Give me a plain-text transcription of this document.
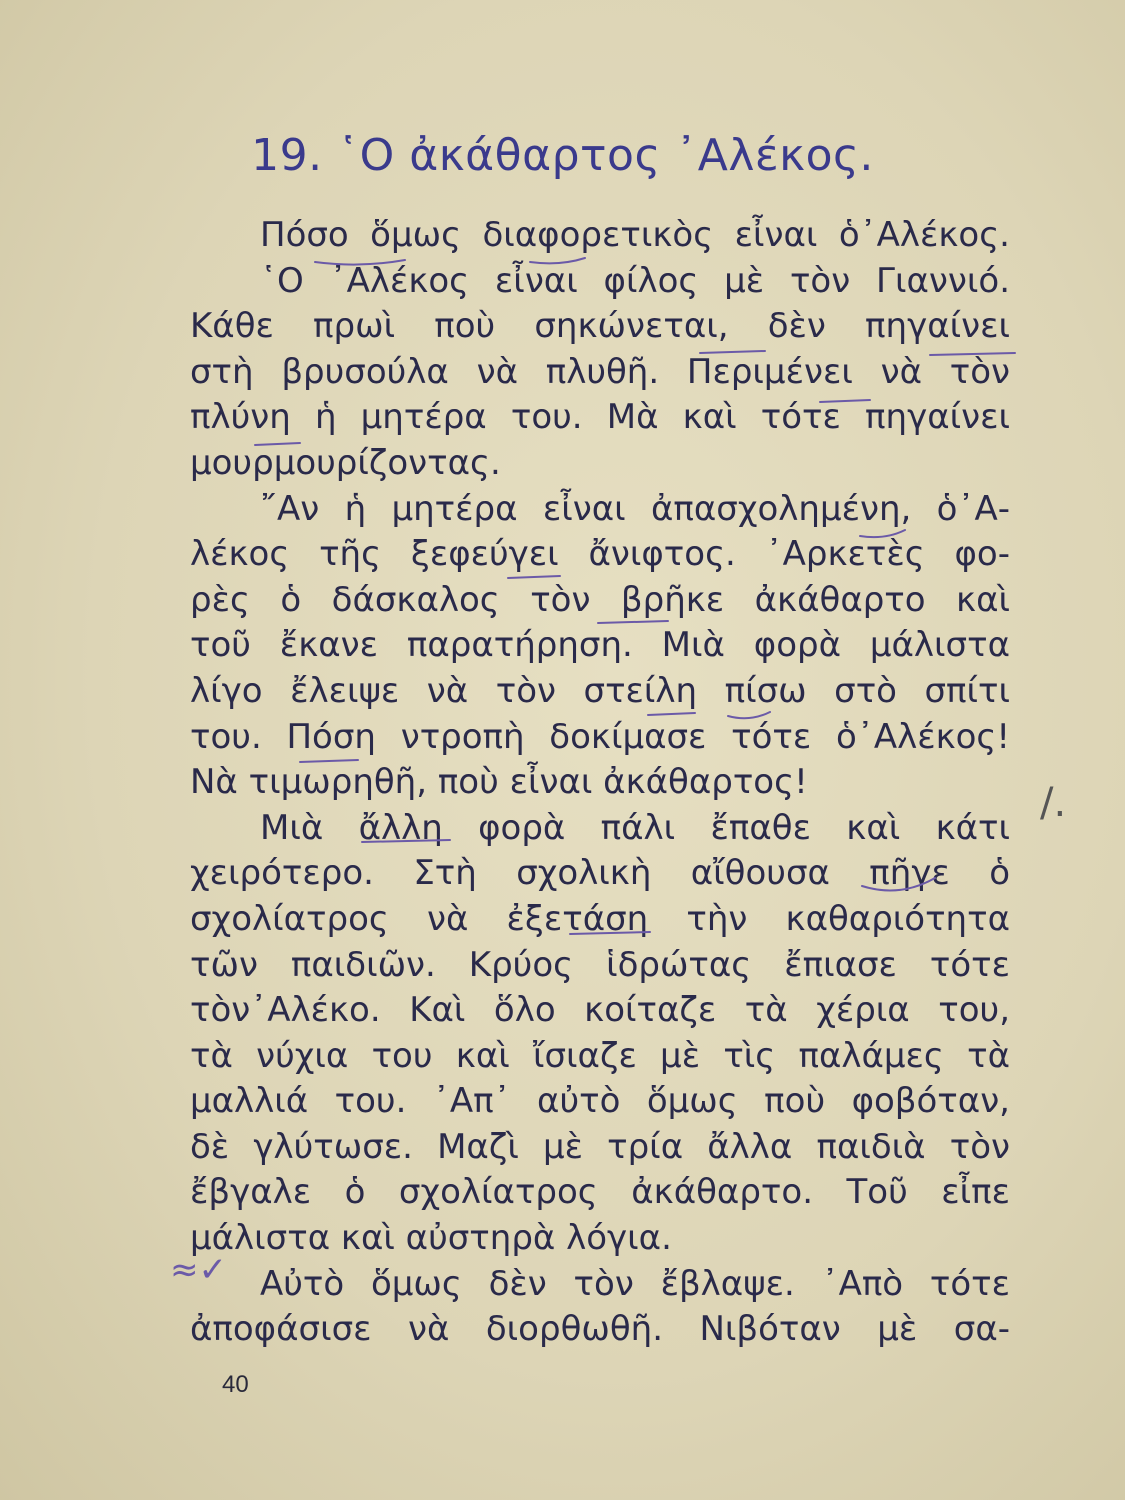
19. ῾Ο ἀκάθαρτος ᾿Αλέκος.
Πόσο ὅμως διαφορετικὸς εἶναι ὁ᾿Αλέκος.
῾Ο ᾿Αλέκος εἶναι φίλος μὲ τὸν Γιαννιό.
Κάθε πρωὶ ποὺ σηκώνεται, δὲν πηγαίνει
στὴ βρυσούλα νὰ πλυθῆ. Περιμένει νὰ τὸν
πλύνη ἡ μητέρα του. Μὰ καὶ τότε πηγαίνει
μουρμουρίζοντας.
῎Αν ἡ μητέρα εἶναι ἀπασχολημένη, ὁ᾿Α-
λέκος τῆς ξεφεύγει ἄνιφτος. ᾿Αρκετὲς φο-
ρὲς ὁ δάσκαλος τὸν βρῆκε ἀκάθαρτο καὶ
τοῦ ἔκανε παρατήρηση. Μιὰ φορὰ μάλιστα
λίγο ἔλειψε νὰ τὸν στείλη πίσω στὸ σπίτι
του. Πόση ντροπὴ δοκίμασε τότε ὁ᾿Αλέκος!
Νὰ τιμωρηθῆ, ποὺ εἶναι ἀκάθαρτος!
Μιὰ ἄλλη φορὰ πάλι ἔπαθε καὶ κάτι
χειρότερο. Στὴ σχολικὴ αἴθουσα πῆγε ὁ
σχολίατρος νὰ ἐξετάση τὴν καθαριότητα
τῶν παιδιῶν. Κρύος ἱδρώτας ἔπιασε τότε
τὸν᾿Αλέκο. Καὶ ὅλο κοίταζε τὰ χέρια του,
τὰ νύχια του καὶ ἴσιαζε μὲ τὶς παλάμες τὰ
μαλλιά του. ᾿Απ᾿ αὐτὸ ὅμως ποὺ φοβόταν,
δὲ γλύτωσε. Μαζὶ μὲ τρία ἄλλα παιδιὰ τὸν
ἔβγαλε ὁ σχολίατρος ἀκάθαρτο. Τοῦ εἶπε
μάλιστα καὶ αὐστηρὰ λόγια.
Αὐτὸ ὅμως δὲν τὸν ἔβλαψε. ᾿Απὸ τότε
ἀποφάσισε νὰ διορθωθῆ. Νιβόταν μὲ σα-
≈✓
/.
40
